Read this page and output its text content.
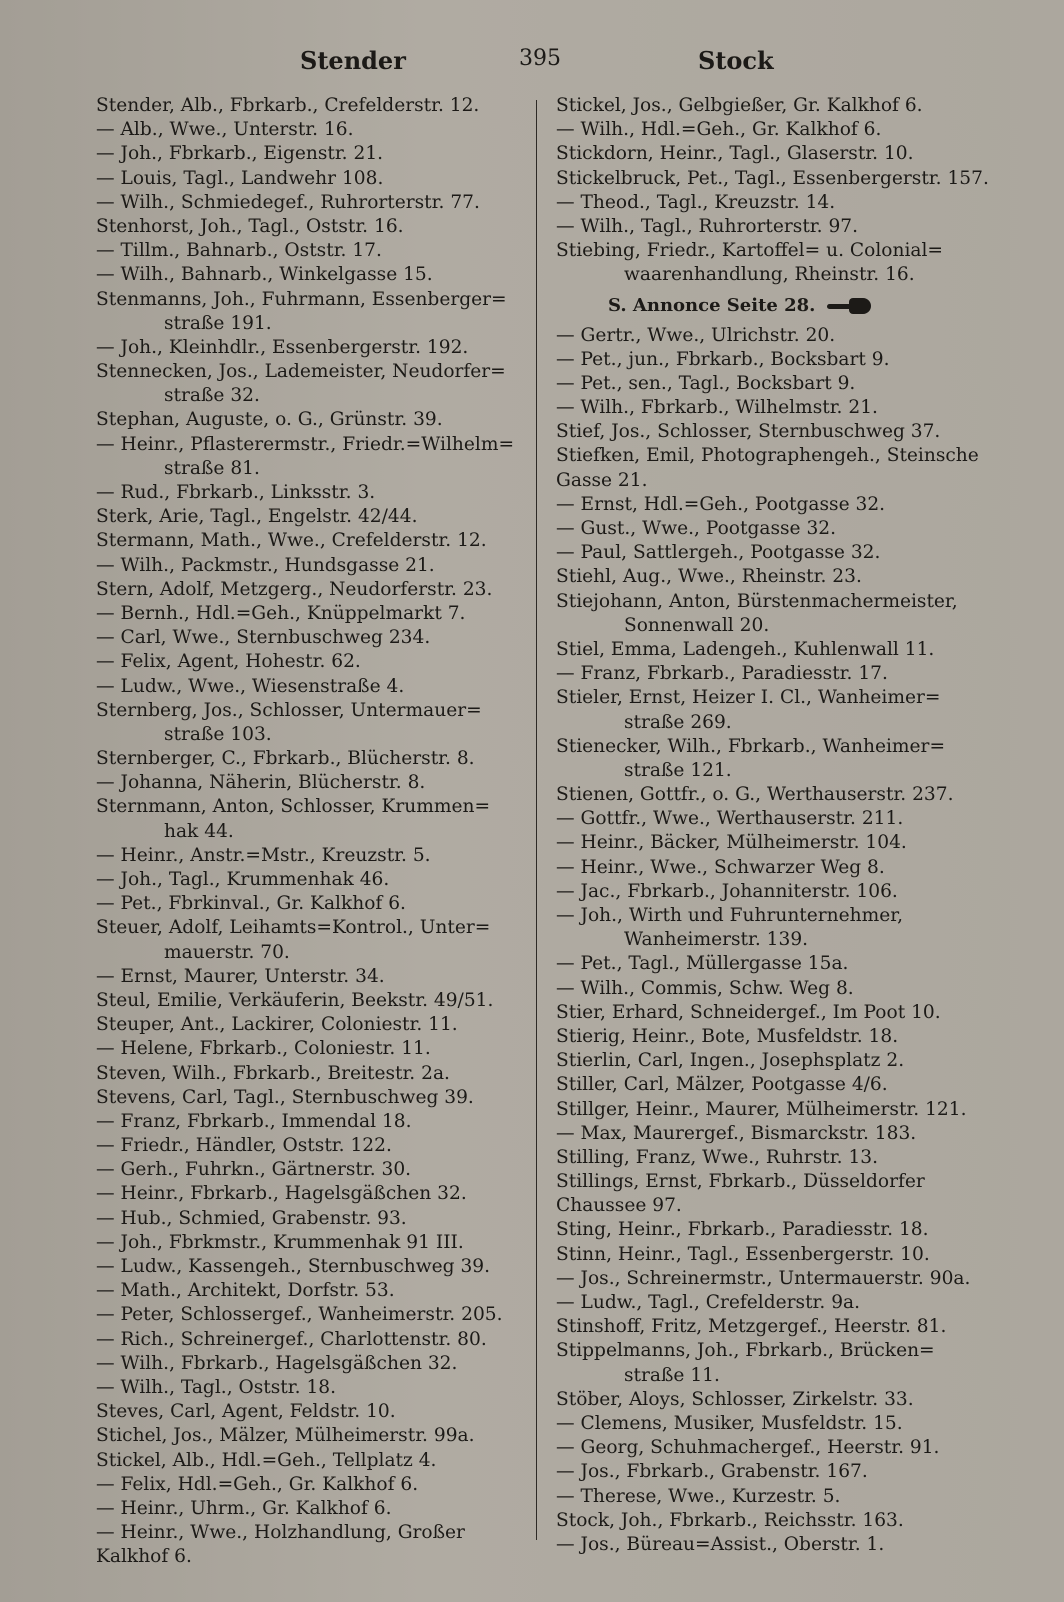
Stender	395	Stock
Stender, Alb., Fbrkarb., Crefelderstr. 12.
— Alb., Wwe., Unterstr. 16.
— Joh., Fbrkarb., Eigenstr. 21.
— Louis, Tagl., Landwehr 108.
— Wilh., Schmiedegef., Ruhrorterstr. 77.
Stenhorst, Joh., Tagl., Oststr. 16.
— Tillm., Bahnarb., Oststr. 17.
— Wilh., Bahnarb., Winkelgasse 15.
Stenmanns, Joh., Fuhrmann, Essenberger=
straße 191.
— Joh., Kleinhdlr., Essenbergerstr. 192.
Stennecken, Jos., Lademeister, Neudorfer=
straße 32.
Stephan, Auguste, o. G., Grünstr. 39.
— Heinr., Pflasterermstr., Friedr.=Wilhelm=
straße 81.
— Rud., Fbrkarb., Linksstr. 3.
Sterk, Arie, Tagl., Engelstr. 42/44.
Stermann, Math., Wwe., Crefelderstr. 12.
— Wilh., Packmstr., Hundsgasse 21.
Stern, Adolf, Metzgerg., Neudorferstr. 23.
— Bernh., Hdl.=Geh., Knüppelmarkt 7.
— Carl, Wwe., Sternbuschweg 234.
— Felix, Agent, Hohestr. 62.
— Ludw., Wwe., Wiesenstraße 4.
Sternberg, Jos., Schlosser, Untermauer=
straße 103.
Sternberger, C., Fbrkarb., Blücherstr. 8.
— Johanna, Näherin, Blücherstr. 8.
Sternmann, Anton, Schlosser, Krummen=
hak 44.
— Heinr., Anstr.=Mstr., Kreuzstr. 5.
— Joh., Tagl., Krummenhak 46.
— Pet., Fbrkinval., Gr. Kalkhof 6.
Steuer, Adolf, Leihamts=Kontrol., Unter=
mauerstr. 70.
— Ernst, Maurer, Unterstr. 34.
Steul, Emilie, Verkäuferin, Beekstr. 49/51.
Steuper, Ant., Lackirer, Coloniestr. 11.
— Helene, Fbrkarb., Coloniestr. 11.
Steven, Wilh., Fbrkarb., Breitestr. 2a.
Stevens, Carl, Tagl., Sternbuschweg 39.
— Franz, Fbrkarb., Immendal 18.
— Friedr., Händler, Oststr. 122.
— Gerh., Fuhrkn., Gärtnerstr. 30.
— Heinr., Fbrkarb., Hagelsgäßchen 32.
— Hub., Schmied, Grabenstr. 93.
— Joh., Fbrkmstr., Krummenhak 91 III.
— Ludw., Kassengeh., Sternbuschweg 39.
— Math., Architekt, Dorfstr. 53.
— Peter, Schlossergef., Wanheimerstr. 205.
— Rich., Schreinergef., Charlottenstr. 80.
— Wilh., Fbrkarb., Hagelsgäßchen 32.
— Wilh., Tagl., Oststr. 18.
Steves, Carl, Agent, Feldstr. 10.
Stichel, Jos., Mälzer, Mülheimerstr. 99a.
Stickel, Alb., Hdl.=Geh., Tellplatz 4.
— Felix, Hdl.=Geh., Gr. Kalkhof 6.
— Heinr., Uhrm., Gr. Kalkhof 6.
— Heinr., Wwe., Holzhandlung, Großer
Kalkhof 6.
Stickel, Jos., Gelbgießer, Gr. Kalkhof 6.
— Wilh., Hdl.=Geh., Gr. Kalkhof 6.
Stickdorn, Heinr., Tagl., Glaserstr. 10.
Stickelbruck, Pet., Tagl., Essenbergerstr. 157.
— Theod., Tagl., Kreuzstr. 14.
— Wilh., Tagl., Ruhrorterstr. 97.
Stiebing, Friedr., Kartoffel= u. Colonial=
waarenhandlung, Rheinstr. 16.
S. Annonce Seite 28.
— Gertr., Wwe., Ulrichstr. 20.
— Pet., jun., Fbrkarb., Bocksbart 9.
— Pet., sen., Tagl., Bocksbart 9.
— Wilh., Fbrkarb., Wilhelmstr. 21.
Stief, Jos., Schlosser, Sternbuschweg 37.
Stiefken, Emil, Photographengeh., Steinsche
Gasse 21.
— Ernst, Hdl.=Geh., Pootgasse 32.
— Gust., Wwe., Pootgasse 32.
— Paul, Sattlergeh., Pootgasse 32.
Stiehl, Aug., Wwe., Rheinstr. 23.
Stiejohann, Anton, Bürstenmachermeister,
Sonnenwall 20.
Stiel, Emma, Ladengeh., Kuhlenwall 11.
— Franz, Fbrkarb., Paradiesstr. 17.
Stieler, Ernst, Heizer I. Cl., Wanheimer=
straße 269.
Stienecker, Wilh., Fbrkarb., Wanheimer=
straße 121.
Stienen, Gottfr., o. G., Werthauserstr. 237.
— Gottfr., Wwe., Werthauserstr. 211.
— Heinr., Bäcker, Mülheimerstr. 104.
— Heinr., Wwe., Schwarzer Weg 8.
— Jac., Fbrkarb., Johanniterstr. 106.
— Joh., Wirth und Fuhrunternehmer,
Wanheimerstr. 139.
— Pet., Tagl., Müllergasse 15a.
— Wilh., Commis, Schw. Weg 8.
Stier, Erhard, Schneidergef., Im Poot 10.
Stierig, Heinr., Bote, Musfeldstr. 18.
Stierlin, Carl, Ingen., Josephsplatz 2.
Stiller, Carl, Mälzer, Pootgasse 4/6.
Stillger, Heinr., Maurer, Mülheimerstr. 121.
— Max, Maurergef., Bismarckstr. 183.
Stilling, Franz, Wwe., Ruhrstr. 13.
Stillings, Ernst, Fbrkarb., Düsseldorfer
Chaussee 97.
Sting, Heinr., Fbrkarb., Paradiesstr. 18.
Stinn, Heinr., Tagl., Essenbergerstr. 10.
— Jos., Schreinermstr., Untermauerstr. 90a.
— Ludw., Tagl., Crefelderstr. 9a.
Stinshoff, Fritz, Metzgergef., Heerstr. 81.
Stippelmanns, Joh., Fbrkarb., Brücken=
straße 11.
Stöber, Aloys, Schlosser, Zirkelstr. 33.
— Clemens, Musiker, Musfeldstr. 15.
— Georg, Schuhmachergef., Heerstr. 91.
— Jos., Fbrkarb., Grabenstr. 167.
— Therese, Wwe., Kurzestr. 5.
Stock, Joh., Fbrkarb., Reichsstr. 163.
— Jos., Büreau=Assist., Oberstr. 1.
